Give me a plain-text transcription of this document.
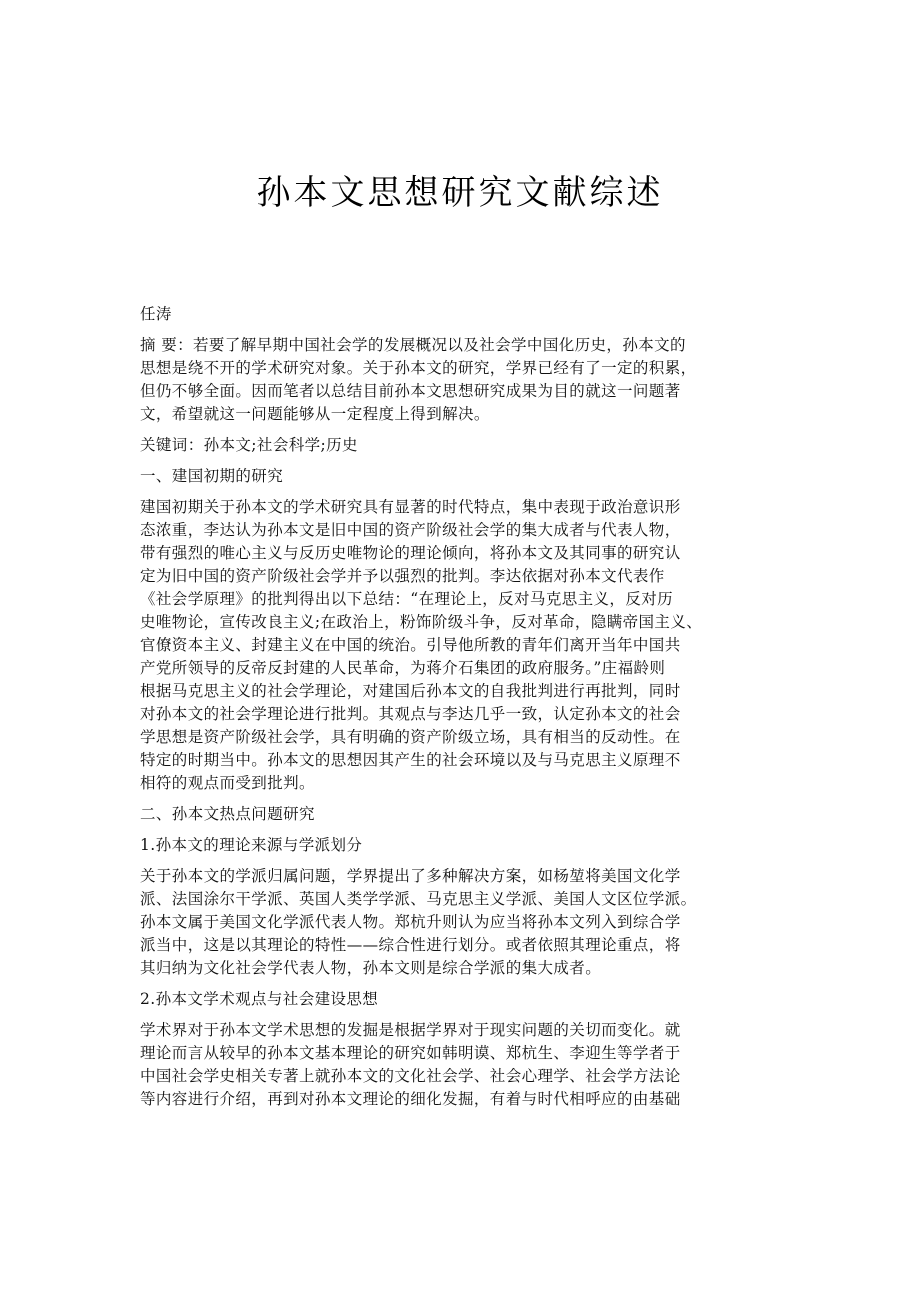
孙本文思想研究文献综述

任涛

摘 要：若要了解早期中国社会学的发展概况以及社会学中国化历史，孙本文的
思想是绕不开的学术研究对象。关于孙本文的研究，学界已经有了一定的积累，
但仍不够全面。因而笔者以总结目前孙本文思想研究成果为目的就这一问题著
文，希望就这一问题能够从一定程度上得到解决。

关键词：孙本文;社会科学;历史

一、建国初期的研究

建国初期关于孙本文的学术研究具有显著的时代特点，集中表现于政治意识形
态浓重，李达认为孙本文是旧中国的资产阶级社会学的集大成者与代表人物，
带有强烈的唯心主义与反历史唯物论的理论倾向，将孙本文及其同事的研究认
定为旧中国的资产阶级社会学并予以强烈的批判。李达依据对孙本文代表作
《社会学原理》的批判得出以下总结：“在理论上，反对马克思主义，反对历
史唯物论，宣传改良主义;在政治上，粉饰阶级斗争，反对革命，隐瞒帝国主义、
官僚资本主义、封建主义在中国的统治。引导他所教的青年们离开当年中国共
产党所领导的反帝反封建的人民革命，为蒋介石集团的政府服务。”庄福龄则
根据马克思主义的社会学理论，对建国后孙本文的自我批判进行再批判，同时
对孙本文的社会学理论进行批判。其观点与李达几乎一致，认定孙本文的社会
学思想是资产阶级社会学，具有明确的资产阶级立场，具有相当的反动性。在
特定的时期当中。孙本文的思想因其产生的社会环境以及与马克思主义原理不
相符的观点而受到批判。

二、孙本文热点问题研究

1.孙本文的理论来源与学派划分

关于孙本文的学派归属问题，学界提出了多种解决方案，如杨堃将美国文化学
派、法国涂尔干学派、英国人类学学派、马克思主义学派、美国人文区位学派。
孙本文属于美国文化学派代表人物。郑杭升则认为应当将孙本文列入到综合学
派当中，这是以其理论的特性——综合性进行划分。或者依照其理论重点，将
其归纳为文化社会学代表人物，孙本文则是综合学派的集大成者。

2.孙本文学术观点与社会建设思想

学术界对于孙本文学术思想的发掘是根据学界对于现实问题的关切而变化。就
理论而言从较早的孙本文基本理论的研究如韩明谟、郑杭生、李迎生等学者于
中国社会学史相关专著上就孙本文的文化社会学、社会心理学、社会学方法论
等内容进行介绍，再到对孙本文理论的细化发掘，有着与时代相呼应的由基础
